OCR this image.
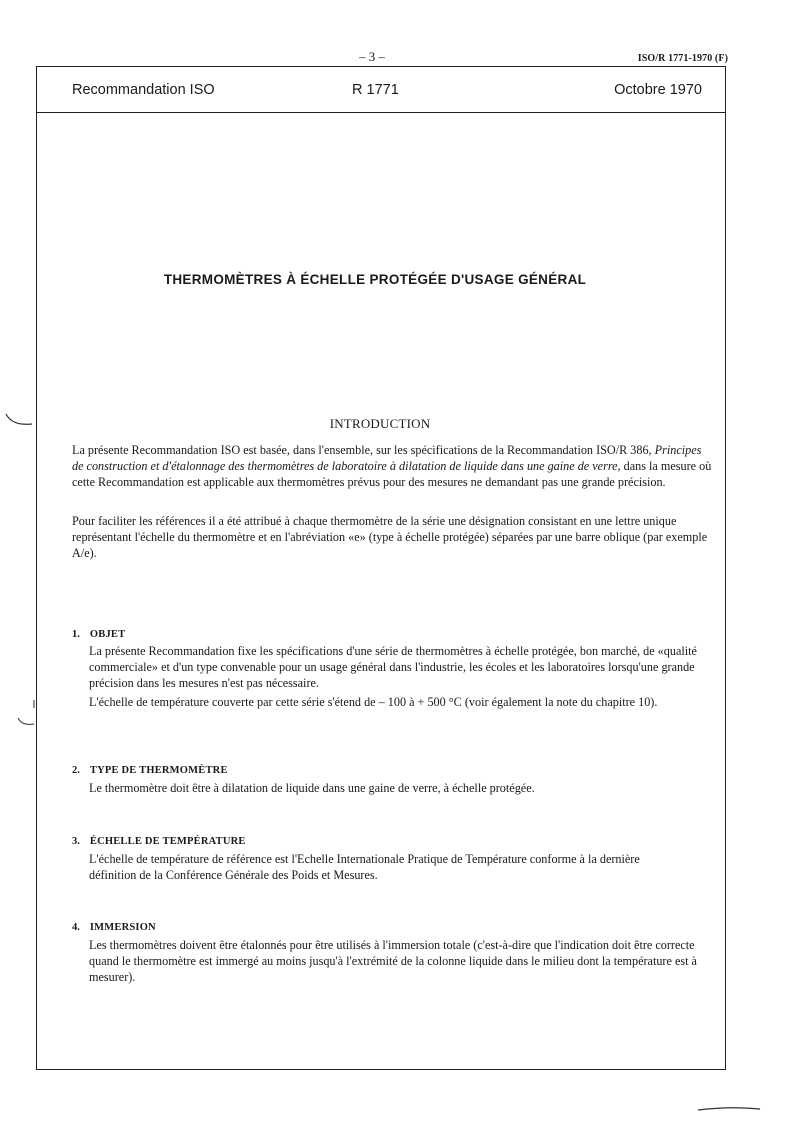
– 3 –	ISO/R 1771-1970 (F)
Recommandation ISO	R 1771	Octobre 1970
THERMOMÈTRES À ÉCHELLE PROTÉGÉE D'USAGE GÉNÉRAL
INTRODUCTION

La présente Recommandation ISO est basée, dans l'ensemble, sur les spécifications de la Recommandation ISO/R 386, Principes de construction et d'étalonnage des thermomètres de laboratoire à dilatation de liquide dans une gaine de verre, dans la mesure où cette Recommandation est applicable aux thermomètres prévus pour des mesures ne demandant pas une grande précision.

Pour faciliter les références il a été attribué à chaque thermomètre de la série une désignation consistant en une lettre unique représentant l'échelle du thermomètre et en l'abréviation «e» (type à échelle protégée) séparées par une barre oblique (par exemple A/e).

1. OBJET

La présente Recommandation fixe les spécifications d'une série de thermomètres à échelle protégée, bon marché, de «qualité commerciale» et d'un type convenable pour un usage général dans l'industrie, les écoles et les laboratoires lorsqu'une grande précision dans les mesures n'est pas nécessaire.

L'échelle de température couverte par cette série s'étend de – 100 à + 500 °C (voir également la note du chapitre 10).

2. TYPE DE THERMOMÈTRE

Le thermomètre doit être à dilatation de liquide dans une gaine de verre, à échelle protégée.

3. ÉCHELLE DE TEMPÉRATURE

L'échelle de température de référence est l'Echelle Internationale Pratique de Température conforme à la dernière définition de la Conférence Générale des Poids et Mesures.

4. IMMERSION

Les thermomètres doivent être étalonnés pour être utilisés à l'immersion totale (c'est-à-dire que l'indication doit être correcte quand le thermomètre est immergé au moins jusqu'à l'extrémité de la colonne liquide dans le milieu dont la température est à mesurer).
